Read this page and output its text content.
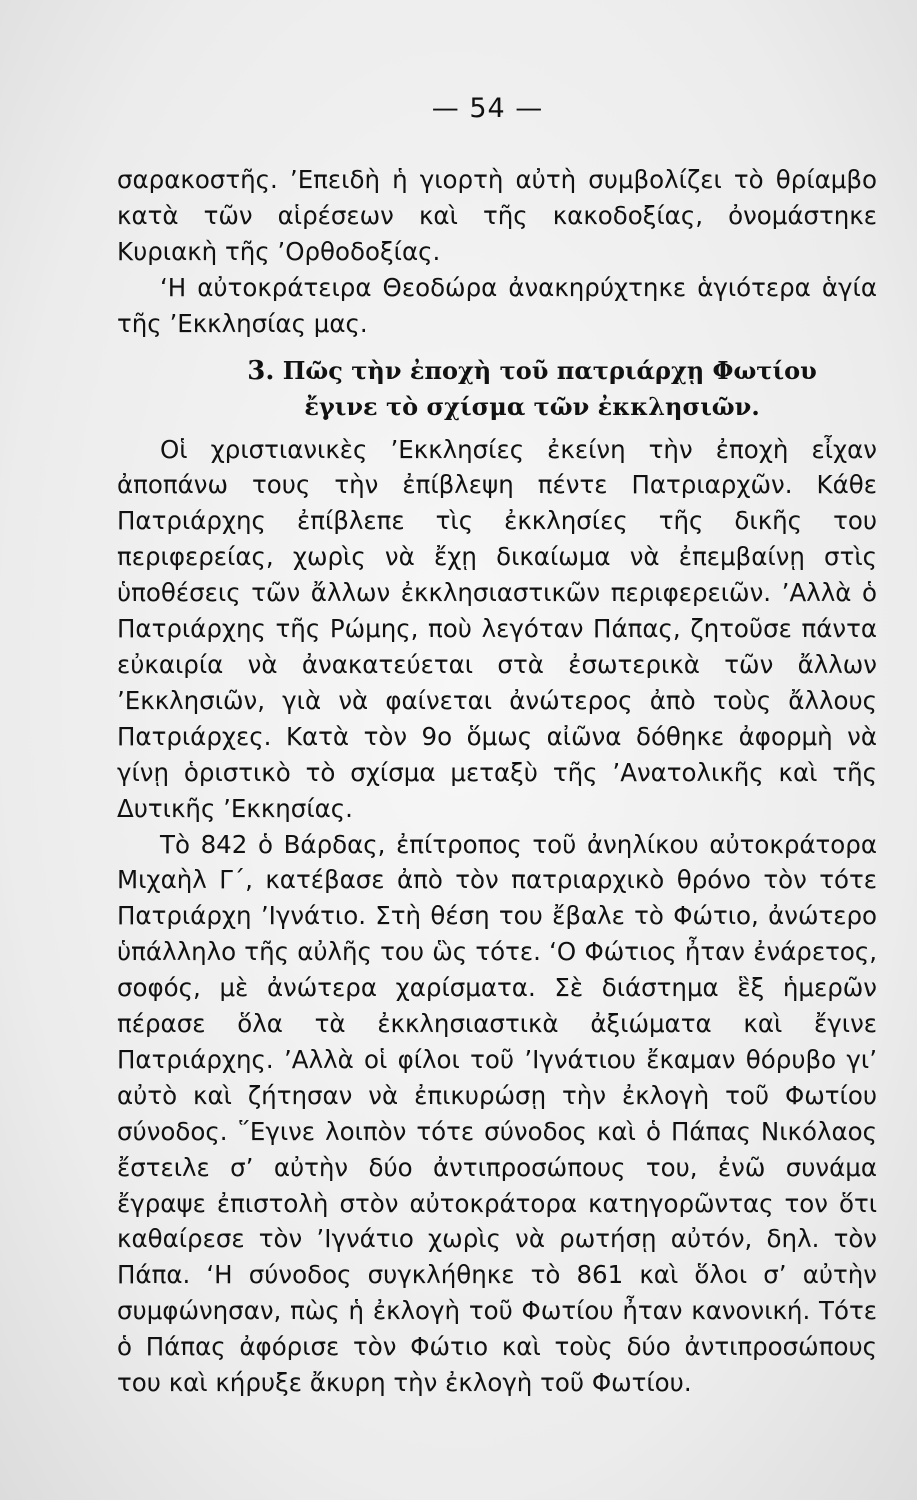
— 54 —

σαρακοστῆς. ’Επειδὴ ἡ γιορτὴ αὐτὴ συμβολίζει τὸ θρίαμβο κατὰ τῶν αἱρέσεων καὶ τῆς κακοδοξίας, ὀνομάστηκε Κυριακὴ τῆς ’Ορθοδοξίας.

‘Η αὐτοκράτειρα Θεοδώρα ἀνακηρύχτηκε ἁγιότερα ἁγία τῆς ’Εκκλησίας μας.

3. Πῶς τὴν ἐποχὴ τοῦ πατριάρχῃ Φωτίου
ἔγινε τὸ σχίσμα τῶν ἐκκλησιῶν.

Οἱ χριστιανικὲς ’Εκκλησίες ἐκείνη τὴν ἐποχὴ εἶχαν ἀποπάνω τους τὴν ἐπίβλεψη πέντε Πατριαρχῶν. Κάθε Πατριάρχης ἐπίβλεπε τὶς ἐκκλησίες τῆς δικῆς του περιφερείας, χωρὶς νὰ ἔχῃ δικαίωμα νὰ ἐπεμβαίνῃ στὶς ὑποθέσεις τῶν ἄλλων ἐκκλησιαστικῶν περιφερειῶν. ’Αλλὰ ὁ Πατριάρχης τῆς Ρώμης, ποὺ λεγόταν Πάπας, ζητοῦσε πάντα εὐκαιρία νὰ ἀνακατεύεται στὰ ἐσωτερικὰ τῶν ἄλλων ’Εκκλησιῶν, γιὰ νὰ φαίνεται ἀνώτερος ἀπὸ τοὺς ἄλλους Πατριάρχες. Κατὰ τὸν 9ο ὅμως αἰῶνα δόθηκε ἀφορμὴ νὰ γίνῃ ὁριστικὸ τὸ σχίσμα μεταξὺ τῆς ’Ανατολικῆς καὶ τῆς Δυτικῆς ’Εκκησίας.

Τὸ 842 ὁ Βάρδας, ἐπίτροπος τοῦ ἀνηλίκου αὐτοκράτορα Μιχαὴλ Γ΄, κατέβασε ἀπὸ τὸν πατριαρχικὸ θρόνο τὸν τότε Πατριάρχη ’Ιγνάτιο. Στὴ θέση του ἔβαλε τὸ Φώτιο, ἀνώτερο ὑπάλληλο τῆς αὐλῆς του ὣς τότε. ‘Ο Φώτιος ἦταν ἐνάρετος, σοφός, μὲ ἀνώτερα χαρίσματα. Σὲ διάστημα ἓξ ἡμερῶν πέρασε ὅλα τὰ ἐκκλησιαστικὰ ἀξιώματα καὶ ἔγινε Πατριάρχης. ’Αλλὰ οἱ φίλοι τοῦ ’Ιγνάτιου ἔκαμαν θόρυβο γι’ αὐτὸ καὶ ζήτησαν νὰ ἐπικυρώσῃ τὴν ἐκλογὴ τοῦ Φωτίου σύνοδος. ῞Εγινε λοιπὸν τότε σύνοδος καὶ ὁ Πάπας Νικόλαος ἔστειλε σ’ αὐτὴν δύο ἀντιπροσώπους του, ἐνῶ συνάμα ἔγραψε ἐπιστολὴ στὸν αὐτοκράτορα κατηγορῶντας τον ὅτι καθαίρεσε τὸν ’Ιγνάτιο χωρὶς νὰ ρωτήσῃ αὐτόν, δηλ. τὸν Πάπα. ‘Η σύνοδος συγκλήθηκε τὸ 861 καὶ ὅλοι σ’ αὐτὴν συμφώνησαν, πὼς ἡ ἐκλογὴ τοῦ Φωτίου ἦταν κανονική. Τότε ὁ Πάπας ἀφόρισε τὸν Φώτιο καὶ τοὺς δύο ἀντιπροσώπους του καὶ κήρυξε ἄκυρη τὴν ἐκλογὴ τοῦ Φωτίου.
